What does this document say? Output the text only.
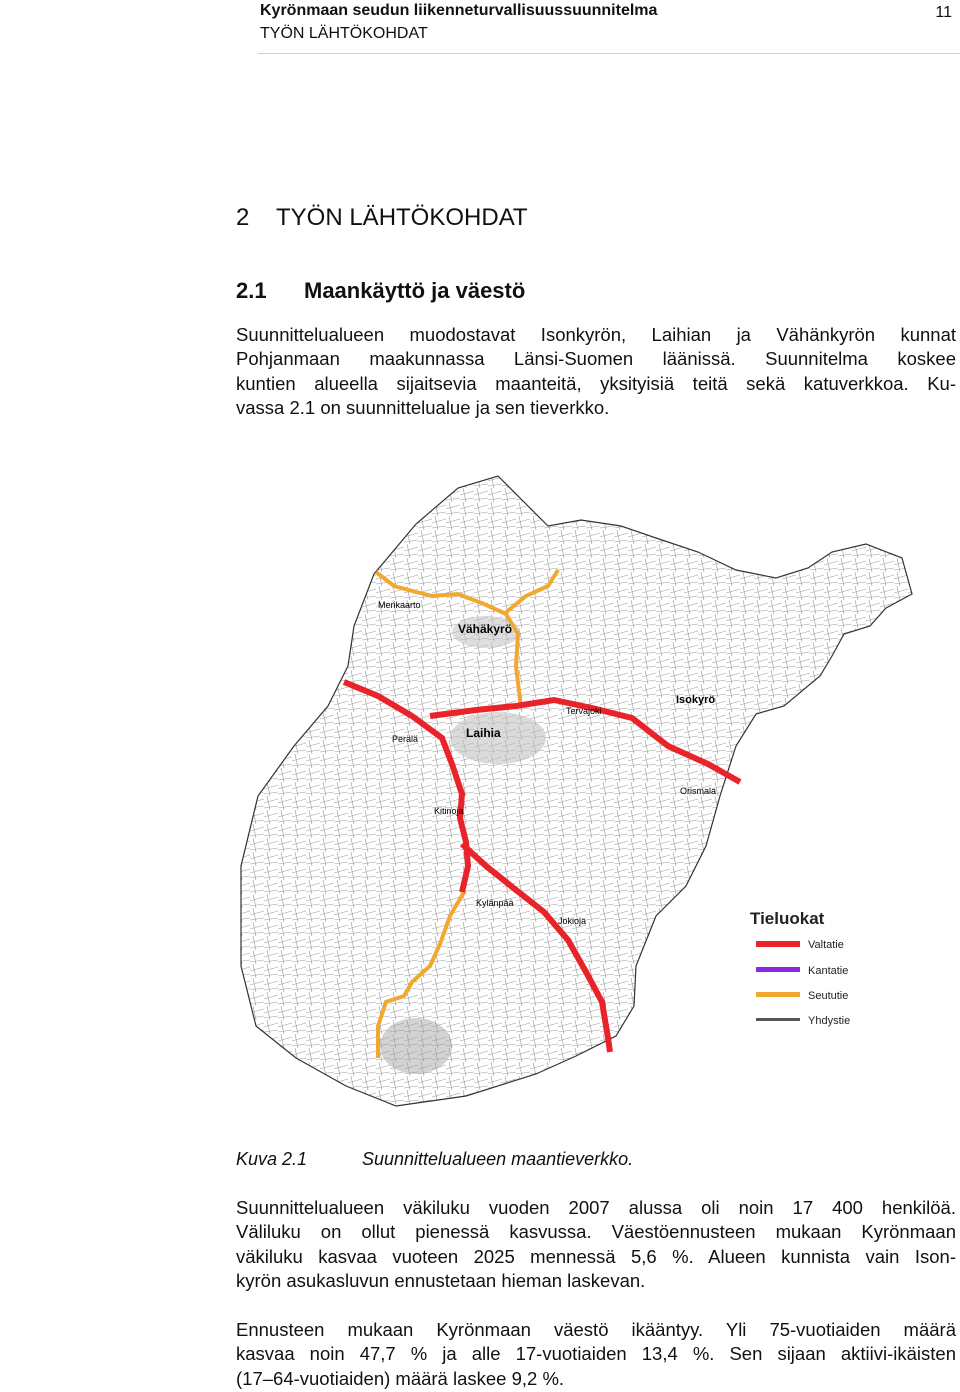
Kyrönmaan seudun liikenneturvallisuussuunnitelma
TYÖN LÄHTÖKOHDAT
11
2 TYÖN LÄHTÖKOHDAT
2.1 Maankäyttö ja väestö
Suunnittelualueen muodostavat Isonkyrön, Laihian ja Vähänkyrön kunnat
Pohjanmaan maakunnassa Länsi-Suomen läänissä. Suunnitelma koskee
kuntien alueella sijaitsevia maanteitä, yksityisiä teitä sekä katuverkkoa. Ku-
vassa 2.1 on suunnittelualue ja sen tieverkko.
Vähäkyrö
Laihia
Isokyrö
Merikaarto
Tervajoki
Kylänpää
Jokioja
Orismala
Perälä
Kitinoja
Tieluokat
Valtatie
Kantatie
Seututie
Yhdystie
Kuva 2.1	Suunnittelualueen maantieverkko.
Suunnittelualueen väkiluku vuoden 2007 alussa oli noin 17 400 henkilöä.
Väliluku on ollut pienessä kasvussa. Väestöennusteen mukaan Kyrönmaan
väkiluku kasvaa vuoteen 2025 mennessä 5,6 %. Alueen kunnista vain Ison-
kyrön asukasluvun ennustetaan hieman laskevan.
Ennusteen mukaan Kyrönmaan väestö ikääntyy. Yli 75-vuotiaiden määrä
kasvaa noin 47,7 % ja alle 17-vuotiaiden 13,4 %. Sen sijaan aktiivi-ikäisten
(17–64-vuotiaiden) määrä laskee 9,2 %.
